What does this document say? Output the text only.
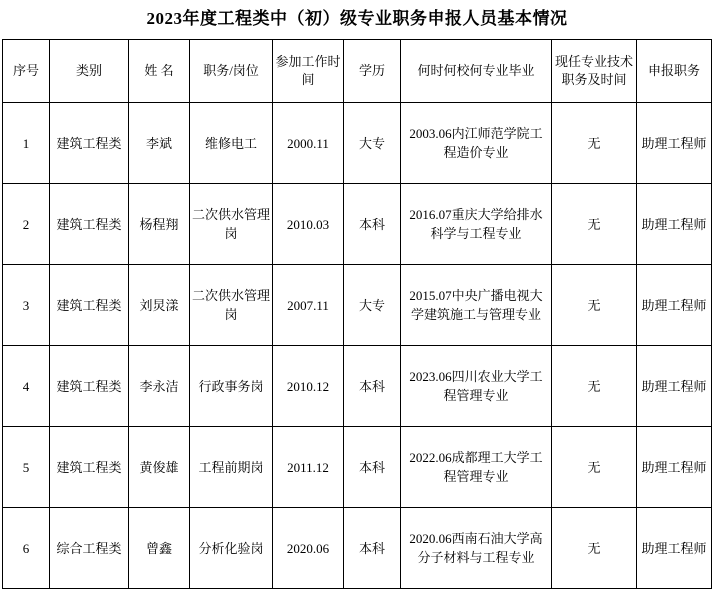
2023年度工程类中（初）级专业职务申报人员基本情况
序号	类别	姓 名	职务/岗位	参加工作时间	学历	何时何校何专业毕业	现任专业技术职务及时间	申报职务
1	建筑工程类	李斌	维修电工	2000.11	大专	2003.06内江师范学院工程造价专业	无	助理工程师
2	建筑工程类	杨程翔	二次供水管理岗	2010.03	本科	2016.07重庆大学给排水科学与工程专业	无	助理工程师
3	建筑工程类	刘炅漾	二次供水管理岗	2007.11	大专	2015.07中央广播电视大学建筑施工与管理专业	无	助理工程师
4	建筑工程类	李永洁	行政事务岗	2010.12	本科	2023.06四川农业大学工程管理专业	无	助理工程师
5	建筑工程类	黄俊雄	工程前期岗	2011.12	本科	2022.06成都理工大学工程管理专业	无	助理工程师
6	综合工程类	曾鑫	分析化验岗	2020.06	本科	2020.06西南石油大学高分子材料与工程专业	无	助理工程师
